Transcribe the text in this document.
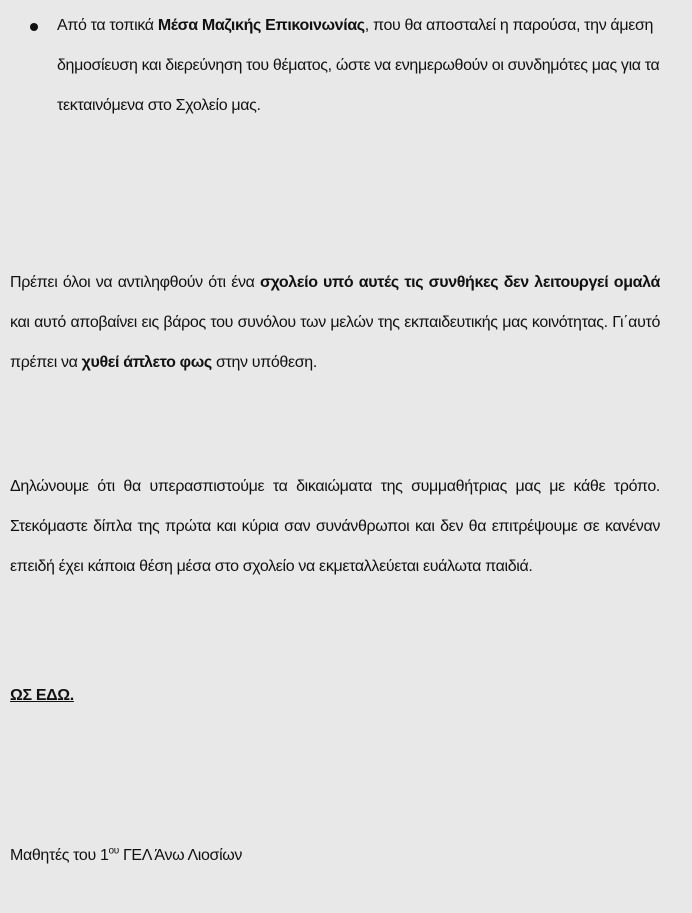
Από τα τοπικά Μέσα Μαζικής Επικοινωνίας, που θα αποσταλεί η παρούσα, την άμεση δημοσίευση και διερεύνηση του θέματος, ώστε να ενημερωθούν οι συνδημότες μας για τα τεκταινόμενα στο Σχολείο μας.
Πρέπει όλοι να αντιληφθούν ότι ένα σχολείο υπό αυτές τις συνθήκες δεν λειτουργεί ομαλά και αυτό αποβαίνει εις βάρος του συνόλου των μελών της εκπαιδευτικής μας κοινότητας. Γι΄αυτό πρέπει να χυθεί άπλετο φως στην υπόθεση.
Δηλώνουμε ότι θα υπερασπιστούμε τα δικαιώματα της συμμαθήτριας μας με κάθε τρόπο. Στεκόμαστε δίπλα της πρώτα και κύρια σαν συνάνθρωποι και δεν θα επιτρέψουμε σε κανέναν επειδή έχει κάποια θέση μέσα στο σχολείο να εκμεταλλεύεται ευάλωτα παιδιά.
ΩΣ ΕΔΩ.
Μαθητές του $1^{o\upsilon}$ ΓΕΛ Άνω Λιοσίων
